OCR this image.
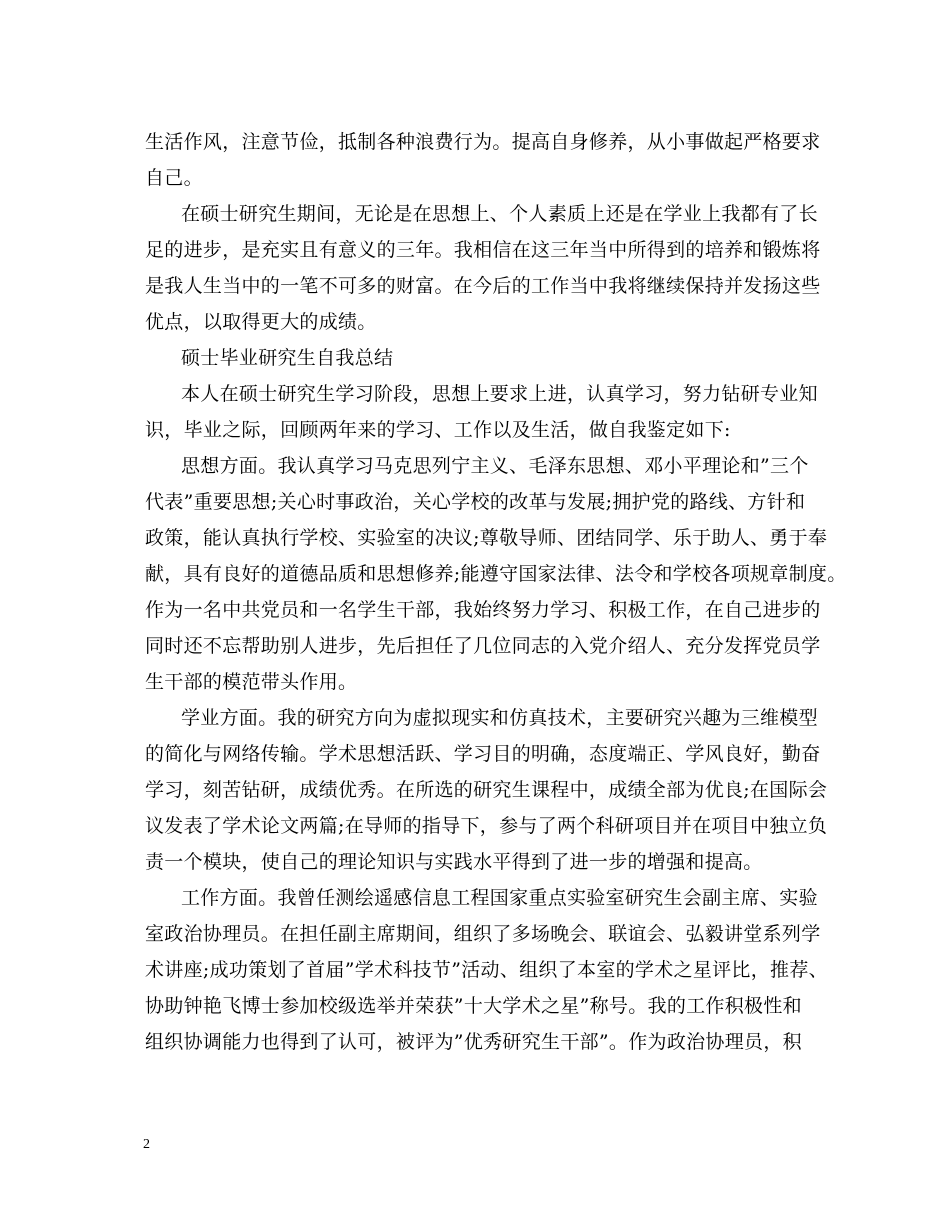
生活作风，注意节俭，抵制各种浪费行为。提高自身修养，从小事做起严格要求
自己。
在硕士研究生期间，无论是在思想上、个人素质上还是在学业上我都有了长
足的进步，是充实且有意义的三年。我相信在这三年当中所得到的培养和锻炼将
是我人生当中的一笔不可多的财富。在今后的工作当中我将继续保持并发扬这些
优点，以取得更大的成绩。
硕士毕业研究生自我总结
本人在硕士研究生学习阶段，思想上要求上进，认真学习，努力钻研专业知
识，毕业之际，回顾两年来的学习、工作以及生活，做自我鉴定如下:
思想方面。我认真学习马克思列宁主义、毛泽东思想、邓小平理论和”三个
代表”重要思想;关心时事政治，关心学校的改革与发展;拥护党的路线、方针和
政策，能认真执行学校、实验室的决议;尊敬导师、团结同学、乐于助人、勇于奉
献，具有良好的道德品质和思想修养;能遵守国家法律、法令和学校各项规章制度。
作为一名中共党员和一名学生干部，我始终努力学习、积极工作，在自己进步的
同时还不忘帮助别人进步，先后担任了几位同志的入党介绍人、充分发挥党员学
生干部的模范带头作用。
学业方面。我的研究方向为虚拟现实和仿真技术，主要研究兴趣为三维模型
的简化与网络传输。学术思想活跃、学习目的明确，态度端正、学风良好，勤奋
学习，刻苦钻研，成绩优秀。在所选的研究生课程中，成绩全部为优良;在国际会
议发表了学术论文两篇;在导师的指导下，参与了两个科研项目并在项目中独立负
责一个模块，使自己的理论知识与实践水平得到了进一步的增强和提高。
工作方面。我曾任测绘遥感信息工程国家重点实验室研究生会副主席、实验
室政治协理员。在担任副主席期间，组织了多场晚会、联谊会、弘毅讲堂系列学
术讲座;成功策划了首届”学术科技节”活动、组织了本室的学术之星评比，推荐、
协助钟艳飞博士参加校级选举并荣获”十大学术之星”称号。我的工作积极性和
组织协调能力也得到了认可，被评为”优秀研究生干部”。作为政治协理员，积
2
